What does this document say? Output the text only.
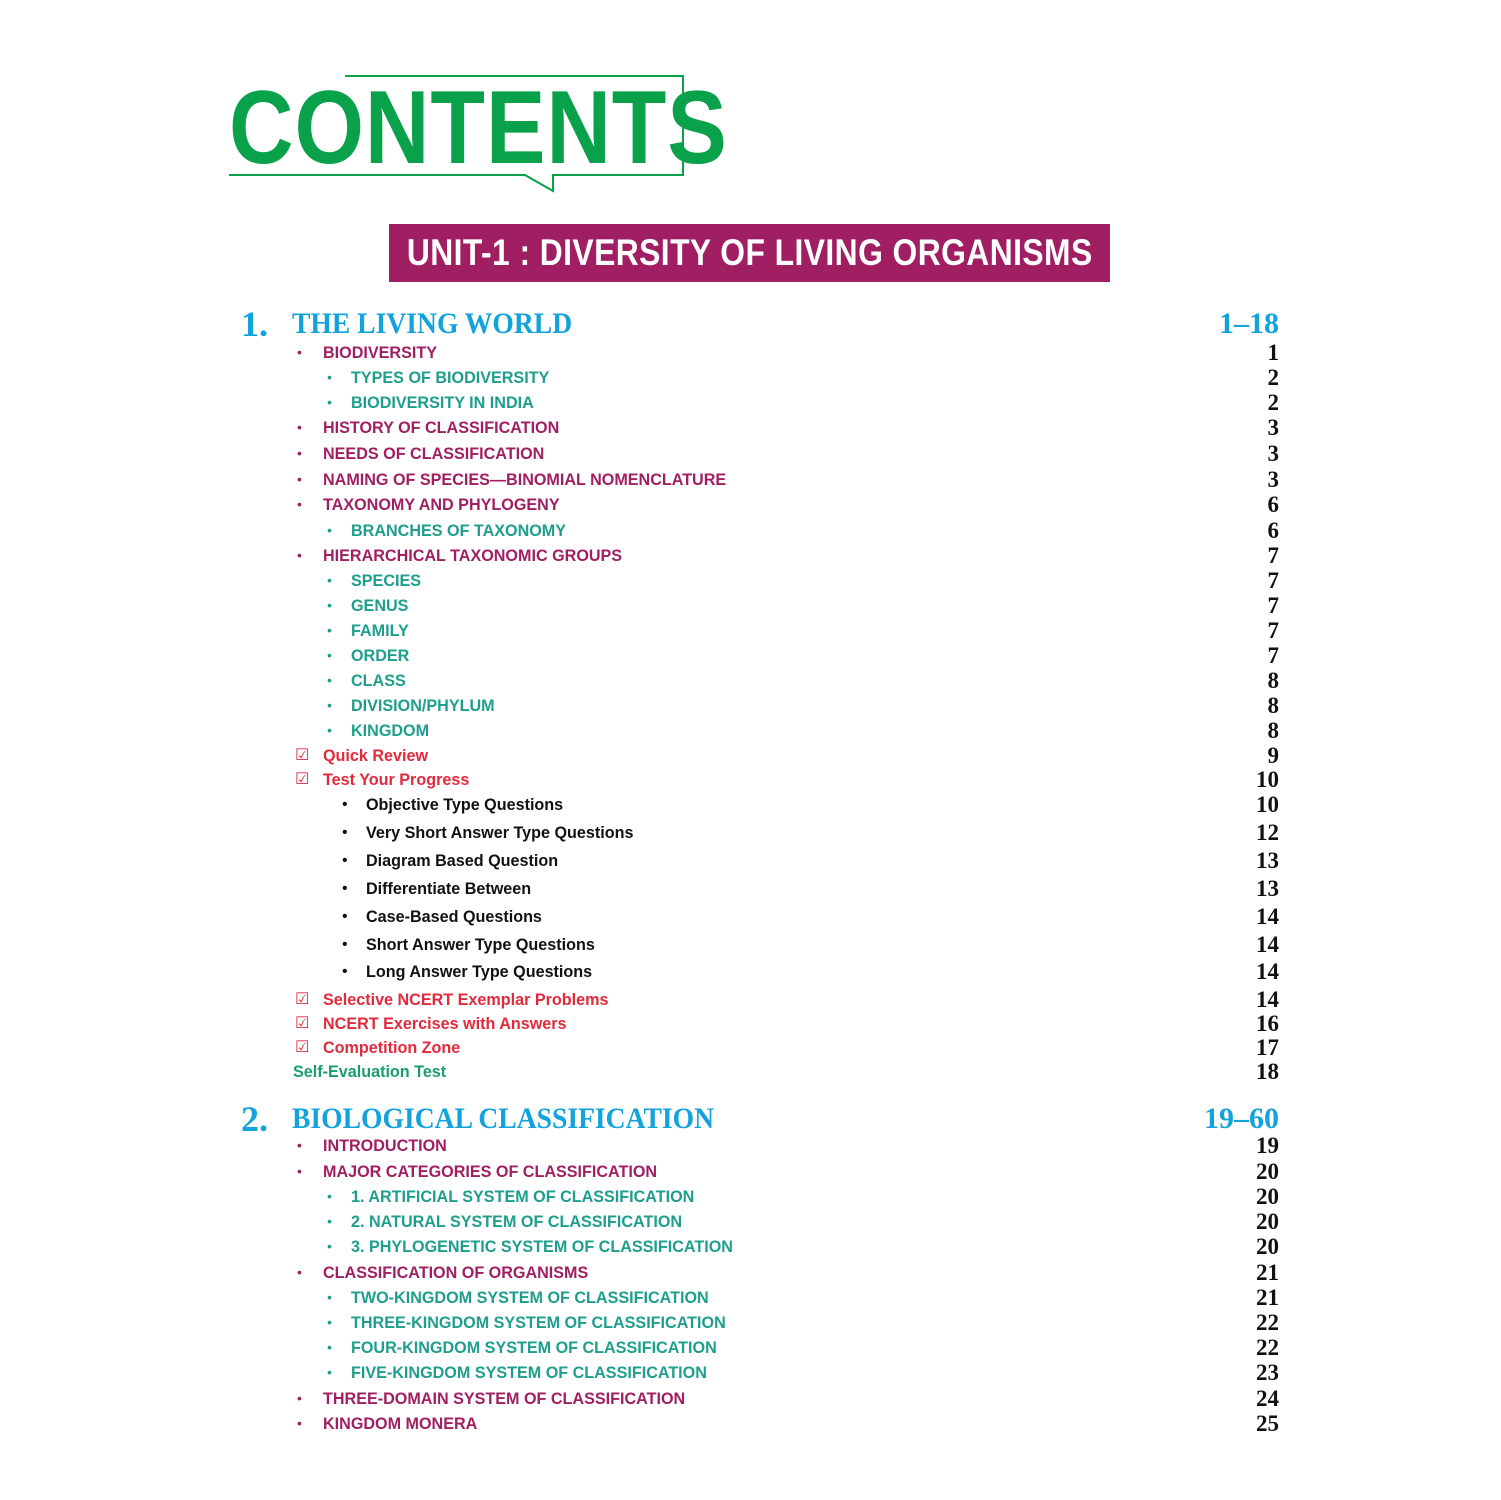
CONTENTS
UNIT-1 : DIVERSITY OF LIVING ORGANISMS
1. THE LIVING WORLD	1–18
• BIODIVERSITY	1
• TYPES OF BIODIVERSITY	2
• BIODIVERSITY IN INDIA	2
• HISTORY OF CLASSIFICATION	3
• NEEDS OF CLASSIFICATION	3
• NAMING OF SPECIES—BINOMIAL NOMENCLATURE	3
• TAXONOMY AND PHYLOGENY	6
• BRANCHES OF TAXONOMY	6
• HIERARCHICAL TAXONOMIC GROUPS	7
• SPECIES	7
• GENUS	7
• FAMILY	7
• ORDER	7
• CLASS	8
• DIVISION/PHYLUM	8
• KINGDOM	8
☑ Quick Review	9
☑ Test Your Progress	10
• Objective Type Questions	10
• Very Short Answer Type Questions	12
• Diagram Based Question	13
• Differentiate Between	13
• Case-Based Questions	14
• Short Answer Type Questions	14
• Long Answer Type Questions	14
☑ Selective NCERT Exemplar Problems	14
☑ NCERT Exercises with Answers	16
☑ Competition Zone	17
Self-Evaluation Test	18
2. BIOLOGICAL CLASSIFICATION	19–60
• INTRODUCTION	19
• MAJOR CATEGORIES OF CLASSIFICATION	20
• 1. ARTIFICIAL SYSTEM OF CLASSIFICATION	20
• 2. NATURAL SYSTEM OF CLASSIFICATION	20
• 3. PHYLOGENETIC SYSTEM OF CLASSIFICATION	20
• CLASSIFICATION OF ORGANISMS	21
• TWO-KINGDOM SYSTEM OF CLASSIFICATION	21
• THREE-KINGDOM SYSTEM OF CLASSIFICATION	22
• FOUR-KINGDOM SYSTEM OF CLASSIFICATION	22
• FIVE-KINGDOM SYSTEM OF CLASSIFICATION	23
• THREE-DOMAIN SYSTEM OF CLASSIFICATION	24
• KINGDOM MONERA	25
